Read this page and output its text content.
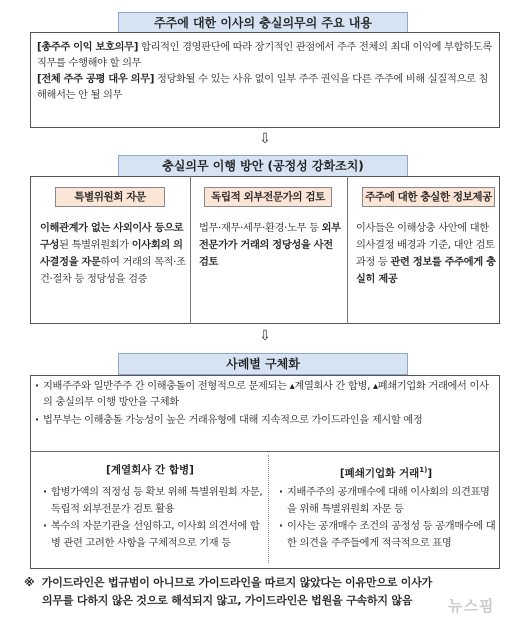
주주에 대한 이사의 충실의무의 주요 내용
[총주주 이익 보호의무] 합리적인 경영판단에 따라 장기적인 관점에서 주주 전체의 최대 이익에 부합하도록 직무를 수행해야 할 의무
[전체 주주 공평 대우 의무] 정당화될 수 있는 사유 없이 일부 주주 권익을 다른 주주에 비해 실질적으로 침해해서는 안 될 의무
⇩
충실의무 이행 방안 (공정성 강화조치)
특별위원회 자문
이해관계가 없는 사외이사 등으로 구성된 특별위원회가 이사회의 의사결정을 자문하여 거래의 목적·조건·절차 등 정당성을 검증
독립적 외부전문가의 검토
법무·재무·세무·환경·노무 등 외부전문가가 거래의 정당성을 사전 검토
주주에 대한 충실한 정보제공
이사들은 이해상충 사안에 대한 의사결정 배경과 기준, 대안 검토 과정 등 관련 정보를 주주에게 충실히 제공
⇩
사례별 구체화
· 지배주주와 일반주주 간 이해충돌이 전형적으로 문제되는 ▴계열회사 간 합병, ▴폐쇄기업화 거래에서 이사의 충실의무 이행 방안을 구체화
· 법무부는 이해충돌 가능성이 높은 거래유형에 대해 지속적으로 가이드라인을 제시할 예정
[계열회사 간 합병]
· 합병가액의 적정성 등 확보 위해 특별위원회 자문, 독립적 외부전문가 검토 활용
· 복수의 자문기관을 선임하고, 이사회 의견서에 합병 관련 고려한 사항을 구체적으로 기재 등
[폐쇄기업화 거래$^{1)}$]
· 지배주주의 공개매수에 대해 이사회의 의견표명을 위해 특별위원회 자문 등
· 이사는 공개매수 조건의 공정성 등 공개매수에 대한 의견을 주주들에게 적극적으로 표명
※ 가이드라인은 법규범이 아니므로 가이드라인을 따르지 않았다는 이유만으로 이사가
의무를 다하지 않은 것으로 해석되지 않고, 가이드라인은 법원을 구속하지 않음	뉴스핌
